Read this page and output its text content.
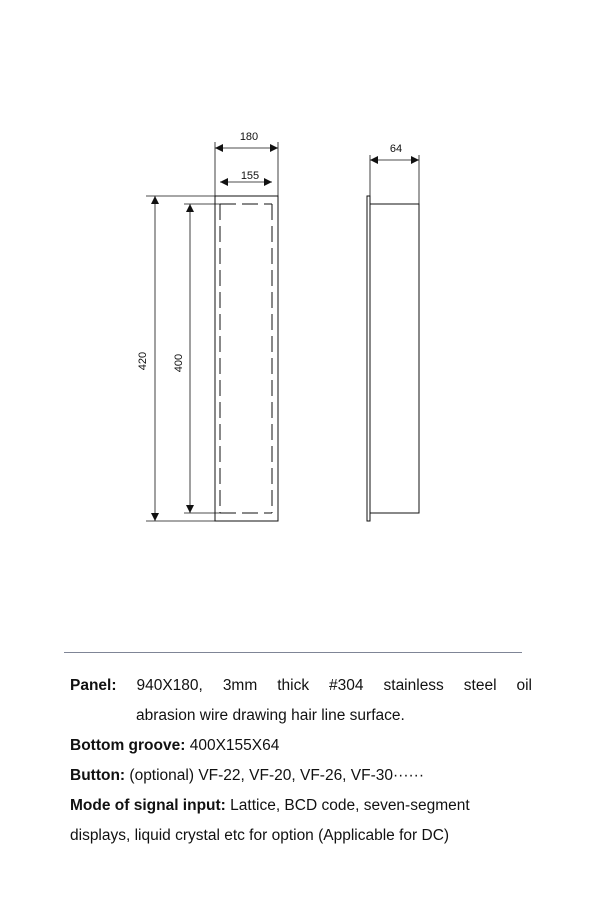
180
155
420 400
64
Panel: 940X180, 3mm thick #304 stainless steel oil
abrasion wire drawing hair line surface.
Bottom groove: 400X155X64
Button: (optional) VF-22, VF-20, VF-26, VF-30······
Mode of signal input: Lattice, BCD code, seven-segment
displays, liquid crystal etc for option (Applicable for DC)
